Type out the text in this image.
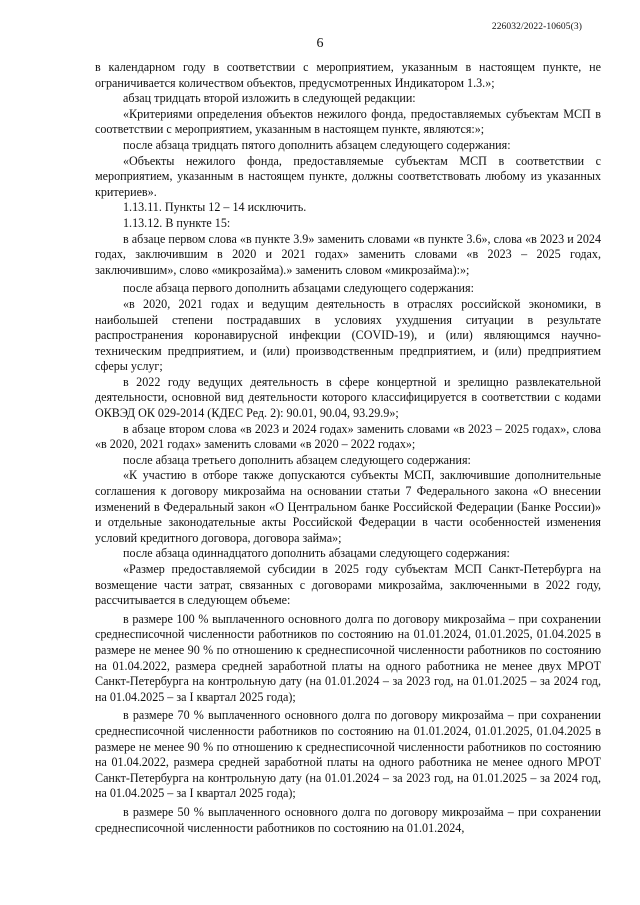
226032/2022-10605(3)
6

в календарном году в соответствии с мероприятием, указанным в настоящем пункте, не ограничивается количеством объектов, предусмотренных Индикатором 1.3.»;

абзац тридцать второй изложить в следующей редакции:

«Критериями определения объектов нежилого фонда, предоставляемых субъектам МСП в соответствии с мероприятием, указанным в настоящем пункте, являются:»;

после абзаца тридцать пятого дополнить абзацем следующего содержания:

«Объекты нежилого фонда, предоставляемые субъектам МСП в соответствии с мероприятием, указанным в настоящем пункте, должны соответствовать любому из указанных критериев».

1.13.11. Пункты 12 – 14 исключить.

1.13.12. В пункте 15:

в абзаце первом слова «в пункте 3.9» заменить словами «в пункте 3.6», слова «в 2023 и 2024 годах, заключившим в 2020 и 2021 годах» заменить словами «в 2023 – 2025 годах, заключившим», слово «микрозайма).» заменить словом «микрозайма):»;

после абзаца первого дополнить абзацами следующего содержания:

«в 2020, 2021 годах и ведущим деятельность в отраслях российской экономики, в наибольшей степени пострадавших в условиях ухудшения ситуации в результате распространения коронавирусной инфекции (COVID-19), и (или) являющимся научно-техническим предприятием, и (или) производственным предприятием, и (или) предприятием сферы услуг;

в 2022 году ведущих деятельность в сфере концертной и зрелищно развлекательной деятельности, основной вид деятельности которого классифицируется в соответствии с кодами ОКВЭД ОК 029-2014 (КДЕС Ред. 2): 90.01, 90.04, 93.29.9»;

в абзаце втором слова «в 2023 и 2024 годах» заменить словами «в 2023 – 2025 годах», слова «в 2020, 2021 годах» заменить словами «в 2020 – 2022 годах»;

после абзаца третьего дополнить абзацем следующего содержания:

«К участию в отборе также допускаются субъекты МСП, заключившие дополнительные соглашения к договору микрозайма на основании статьи 7 Федерального закона «О внесении изменений в Федеральный закон «О Центральном банке Российской Федерации (Банке России)» и отдельные законодательные акты Российской Федерации в части особенностей изменения условий кредитного договора, договора займа»;

после абзаца одиннадцатого дополнить абзацами следующего содержания:

«Размер предоставляемой субсидии в 2025 году субъектам МСП Санкт-Петербурга на возмещение части затрат, связанных с договорами микрозайма, заключенными в 2022 году, рассчитывается в следующем объеме:

в размере 100 % выплаченного основного долга по договору микрозайма – при сохранении среднесписочной численности работников по состоянию на 01.01.2024, 01.01.2025, 01.04.2025 в размере не менее 90 % по отношению к среднесписочной численности работников по состоянию на 01.04.2022, размера средней заработной платы на одного работника не менее двух МРОТ Санкт-Петербурга на контрольную дату (на 01.01.2024 – за 2023 год, на 01.01.2025 – за 2024 год, на 01.04.2025 – за I квартал 2025 года);

в размере 70 % выплаченного основного долга по договору микрозайма – при сохранении среднесписочной численности работников по состоянию на 01.01.2024, 01.01.2025, 01.04.2025 в размере не менее 90 % по отношению к среднесписочной численности работников по состоянию на 01.04.2022, размера средней заработной платы на одного работника не менее одного МРОТ Санкт-Петербурга на контрольную дату (на 01.01.2024 – за 2023 год, на 01.01.2025 – за 2024 год, на 01.04.2025 – за I квартал 2025 года);

в размере 50 % выплаченного основного долга по договору микрозайма – при сохранении среднесписочной численности работников по состоянию на 01.01.2024,
